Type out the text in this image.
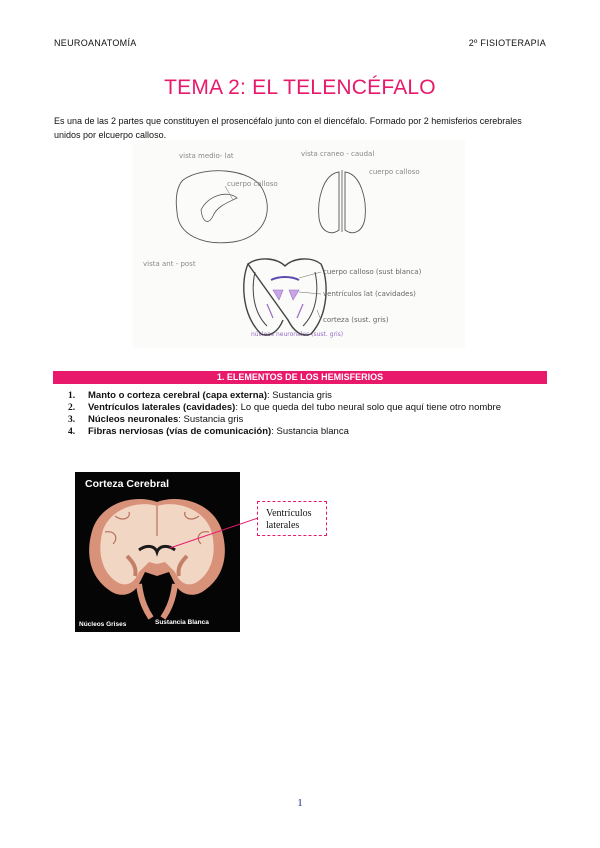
NEUROANATOMÍA	2º FISIOTERAPIA
TEMA 2: EL TELENCÉFALO
Es una de las 2 partes que constituyen el prosencéfalo junto con el diencéfalo. Formado por 2 hemisferios cerebrales unidos por elcuerpo calloso.
vista medio- lat
cuerpo calloso
vista craneo - caudal
cuerpo calloso
vista ant - post
cuerpo calloso (sust blanca)
ventrículos lat (cavidades)
corteza (sust. gris)
núcleos neuronales (sust. gris)
1. ELEMENTOS DE LOS HEMISFERIOS
1.	Manto o corteza cerebral (capa externa): Sustancia gris
2.	Ventrículos laterales (cavidades): Lo que queda del tubo neural solo que aquí tiene otro nombre
3.	Núcleos neuronales: Sustancia gris
4.	Fibras nerviosas (vías de comunicación): Sustancia blanca
Corteza Cerebral
Núcleos Grises	Sustancia Blanca
Ventrículos
laterales
1
